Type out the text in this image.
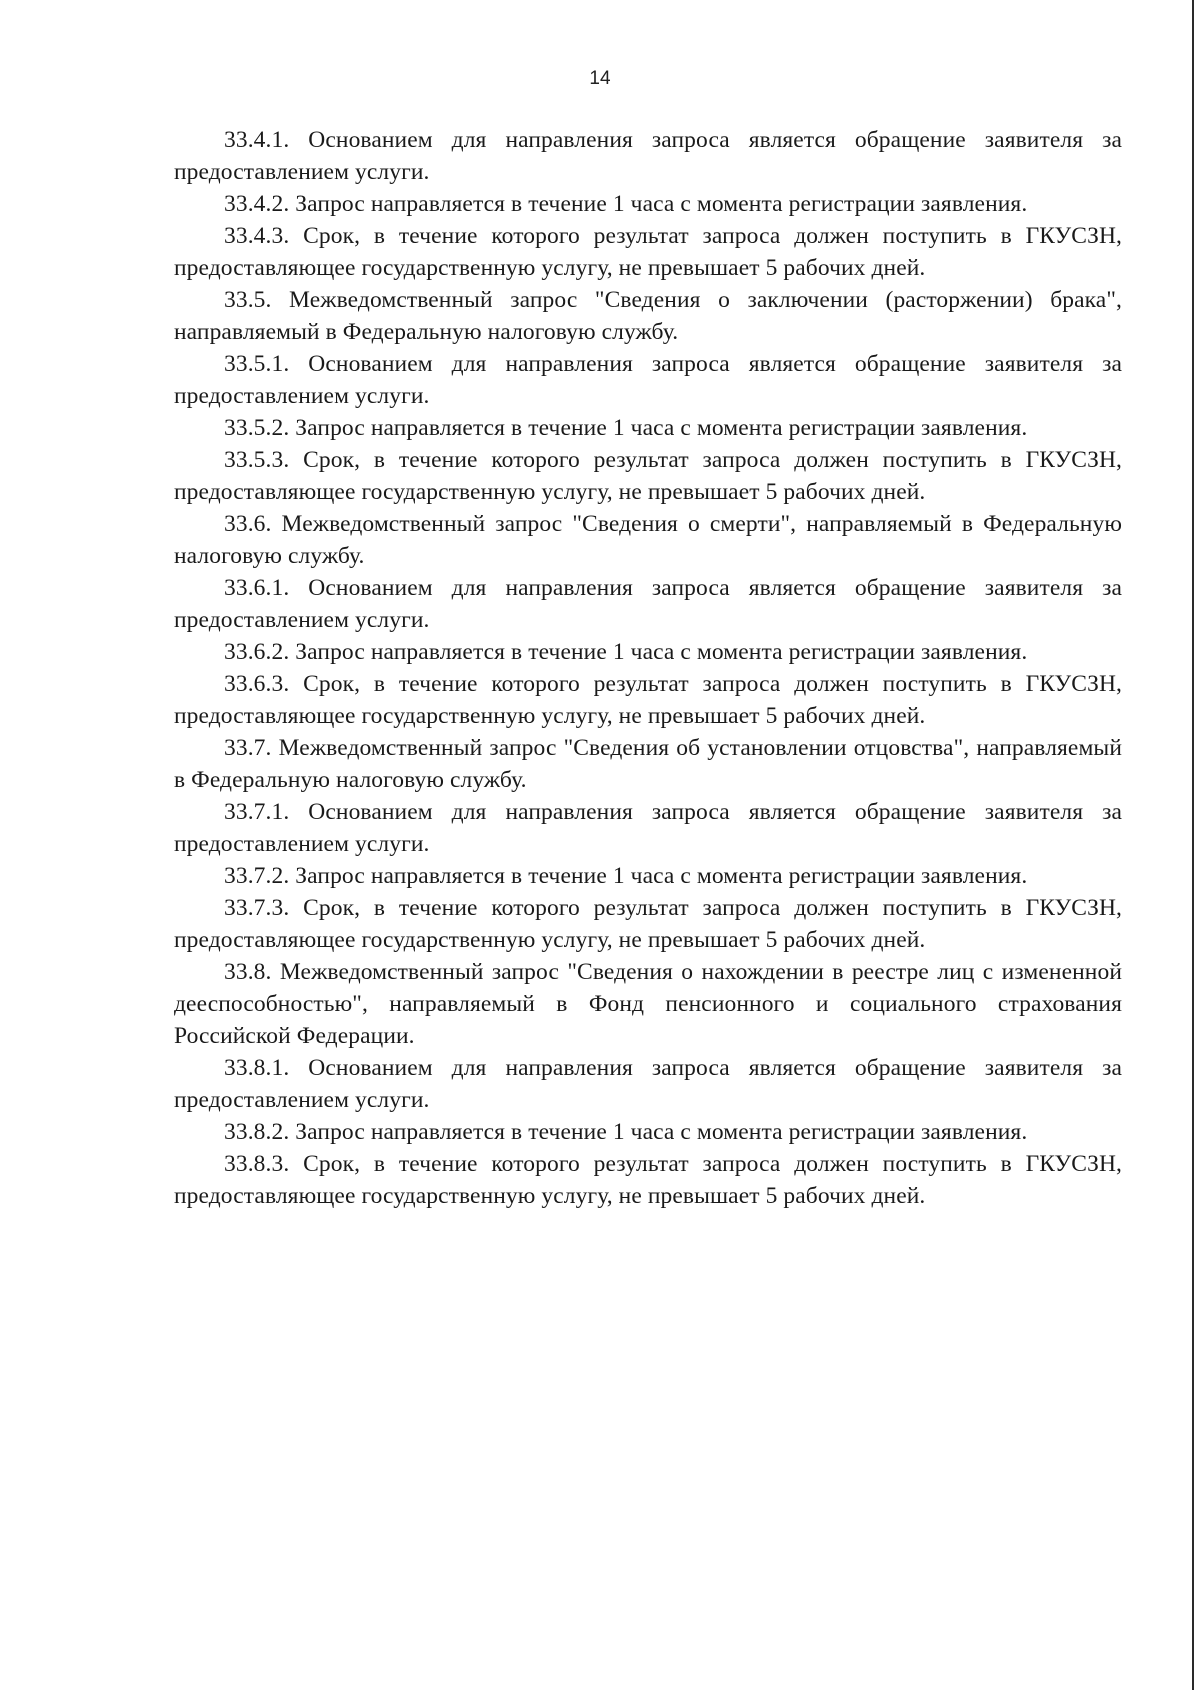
14

33.4.1. Основанием для направления запроса является обращение заявителя за предоставлением услуги.

33.4.2. Запрос направляется в течение 1 часа с момента регистрации заявления.

33.4.3. Срок, в течение которого результат запроса должен поступить в ГКУСЗН, предоставляющее государственную услугу, не превышает 5 рабочих дней.

33.5. Межведомственный запрос "Сведения о заключении (расторжении) брака", направляемый в Федеральную налоговую службу.

33.5.1. Основанием для направления запроса является обращение заявителя за предоставлением услуги.

33.5.2. Запрос направляется в течение 1 часа с момента регистрации заявления.

33.5.3. Срок, в течение которого результат запроса должен поступить в ГКУСЗН, предоставляющее государственную услугу, не превышает 5 рабочих дней.

33.6. Межведомственный запрос "Сведения о смерти", направляемый в Федеральную налоговую службу.

33.6.1. Основанием для направления запроса является обращение заявителя за предоставлением услуги.

33.6.2. Запрос направляется в течение 1 часа с момента регистрации заявления.

33.6.3. Срок, в течение которого результат запроса должен поступить в ГКУСЗН, предоставляющее государственную услугу, не превышает 5 рабочих дней.

33.7. Межведомственный запрос "Сведения об установлении отцовства", направляемый в Федеральную налоговую службу.

33.7.1. Основанием для направления запроса является обращение заявителя за предоставлением услуги.

33.7.2. Запрос направляется в течение 1 часа с момента регистрации заявления.

33.7.3. Срок, в течение которого результат запроса должен поступить в ГКУСЗН, предоставляющее государственную услугу, не превышает 5 рабочих дней.

33.8. Межведомственный запрос "Сведения о нахождении в реестре лиц с измененной дееспособностью", направляемый в Фонд пенсионного и социального страхования Российской Федерации.

33.8.1. Основанием для направления запроса является обращение заявителя за предоставлением услуги.

33.8.2. Запрос направляется в течение 1 часа с момента регистрации заявления.

33.8.3. Срок, в течение которого результат запроса должен поступить в ГКУСЗН, предоставляющее государственную услугу, не превышает 5 рабочих дней.
